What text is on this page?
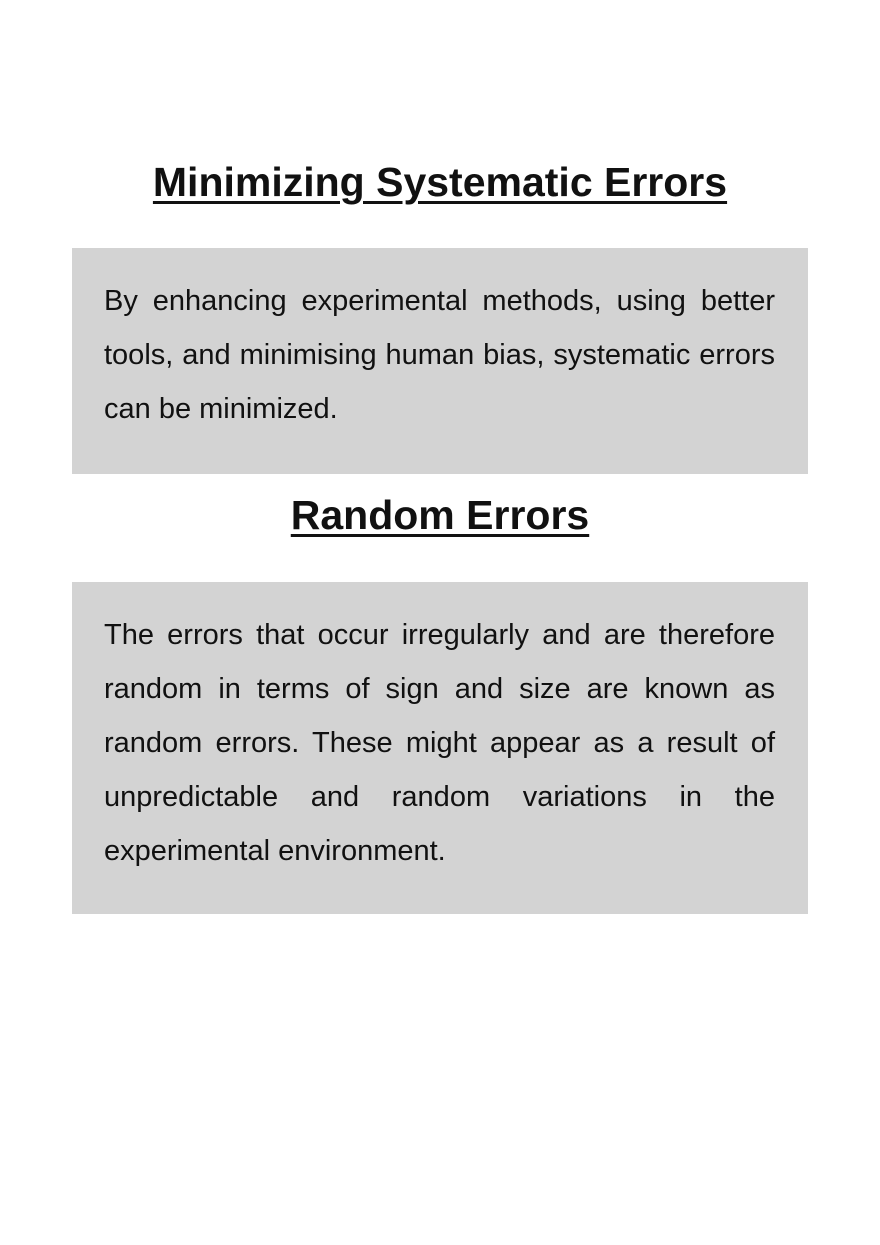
Minimizing Systematic Errors

By enhancing experimental methods, using better tools, and minimising human bias, systematic errors can be minimized.

Random Errors

The errors that occur irregularly and are therefore random in terms of sign and size are known as random errors. These might appear as a result of unpredictable and random variations in the experimental environment.
